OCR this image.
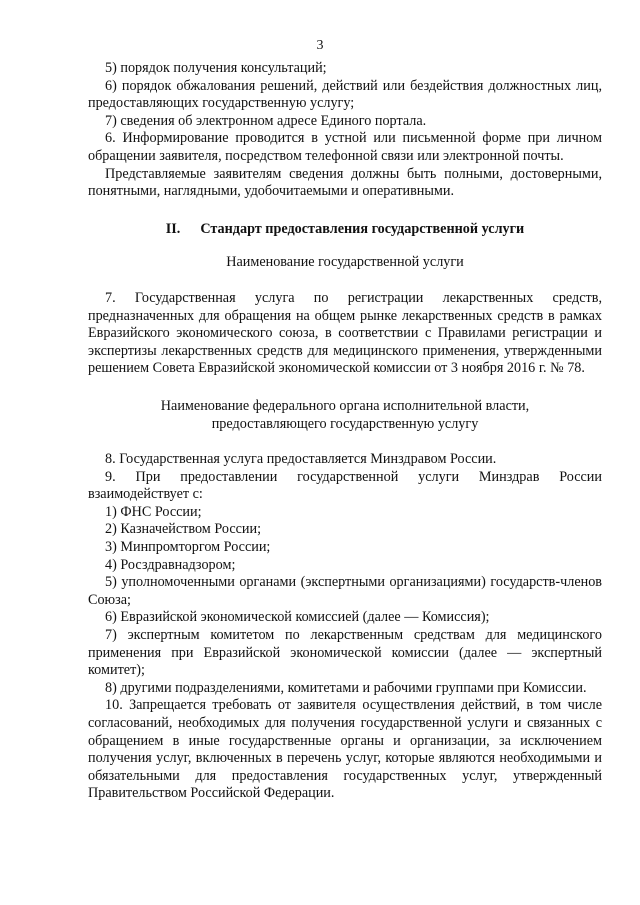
3

5) порядок получения консультаций;

6) порядок обжалования решений, действий или бездействия должностных лиц, предоставляющих государственную услугу;

7) сведения об электронном адресе Единого портала.

6. Информирование проводится в устной или письменной форме при личном обращении заявителя, посредством телефонной связи или электронной почты.

Представляемые заявителям сведения должны быть полными, достоверными, понятными, наглядными, удобочитаемыми и оперативными.

II. Стандарт предоставления государственной услуги

Наименование государственной услуги

7. Государственная услуга по регистрации лекарственных средств, предназначенных для обращения на общем рынке лекарственных средств в рамках Евразийского экономического союза, в соответствии с Правилами регистрации и экспертизы лекарственных средств для медицинского применения, утвержденными решением Совета Евразийской экономической комиссии от 3 ноября 2016 г. № 78.

Наименование федерального органа исполнительной власти,
предоставляющего государственную услугу

8. Государственная услуга предоставляется Минздравом России.

9. При предоставлении государственной услуги Минздрав России взаимодействует с:

1) ФНС России;

2) Казначейством России;

3) Минпромторгом России;

4) Росздравнадзором;

5) уполномоченными органами (экспертными организациями) государств-членов Союза;

6) Евразийской экономической комиссией (далее — Комиссия);

7) экспертным комитетом по лекарственным средствам для медицинского применения при Евразийской экономической комиссии (далее — экспертный комитет);

8) другими подразделениями, комитетами и рабочими группами при Комиссии.

10. Запрещается требовать от заявителя осуществления действий, в том числе согласований, необходимых для получения государственной услуги и связанных с обращением в иные государственные органы и организации, за исключением получения услуг, включенных в перечень услуг, которые являются необходимыми и обязательными для предоставления государственных услуг, утвержденный Правительством Российской Федерации.
